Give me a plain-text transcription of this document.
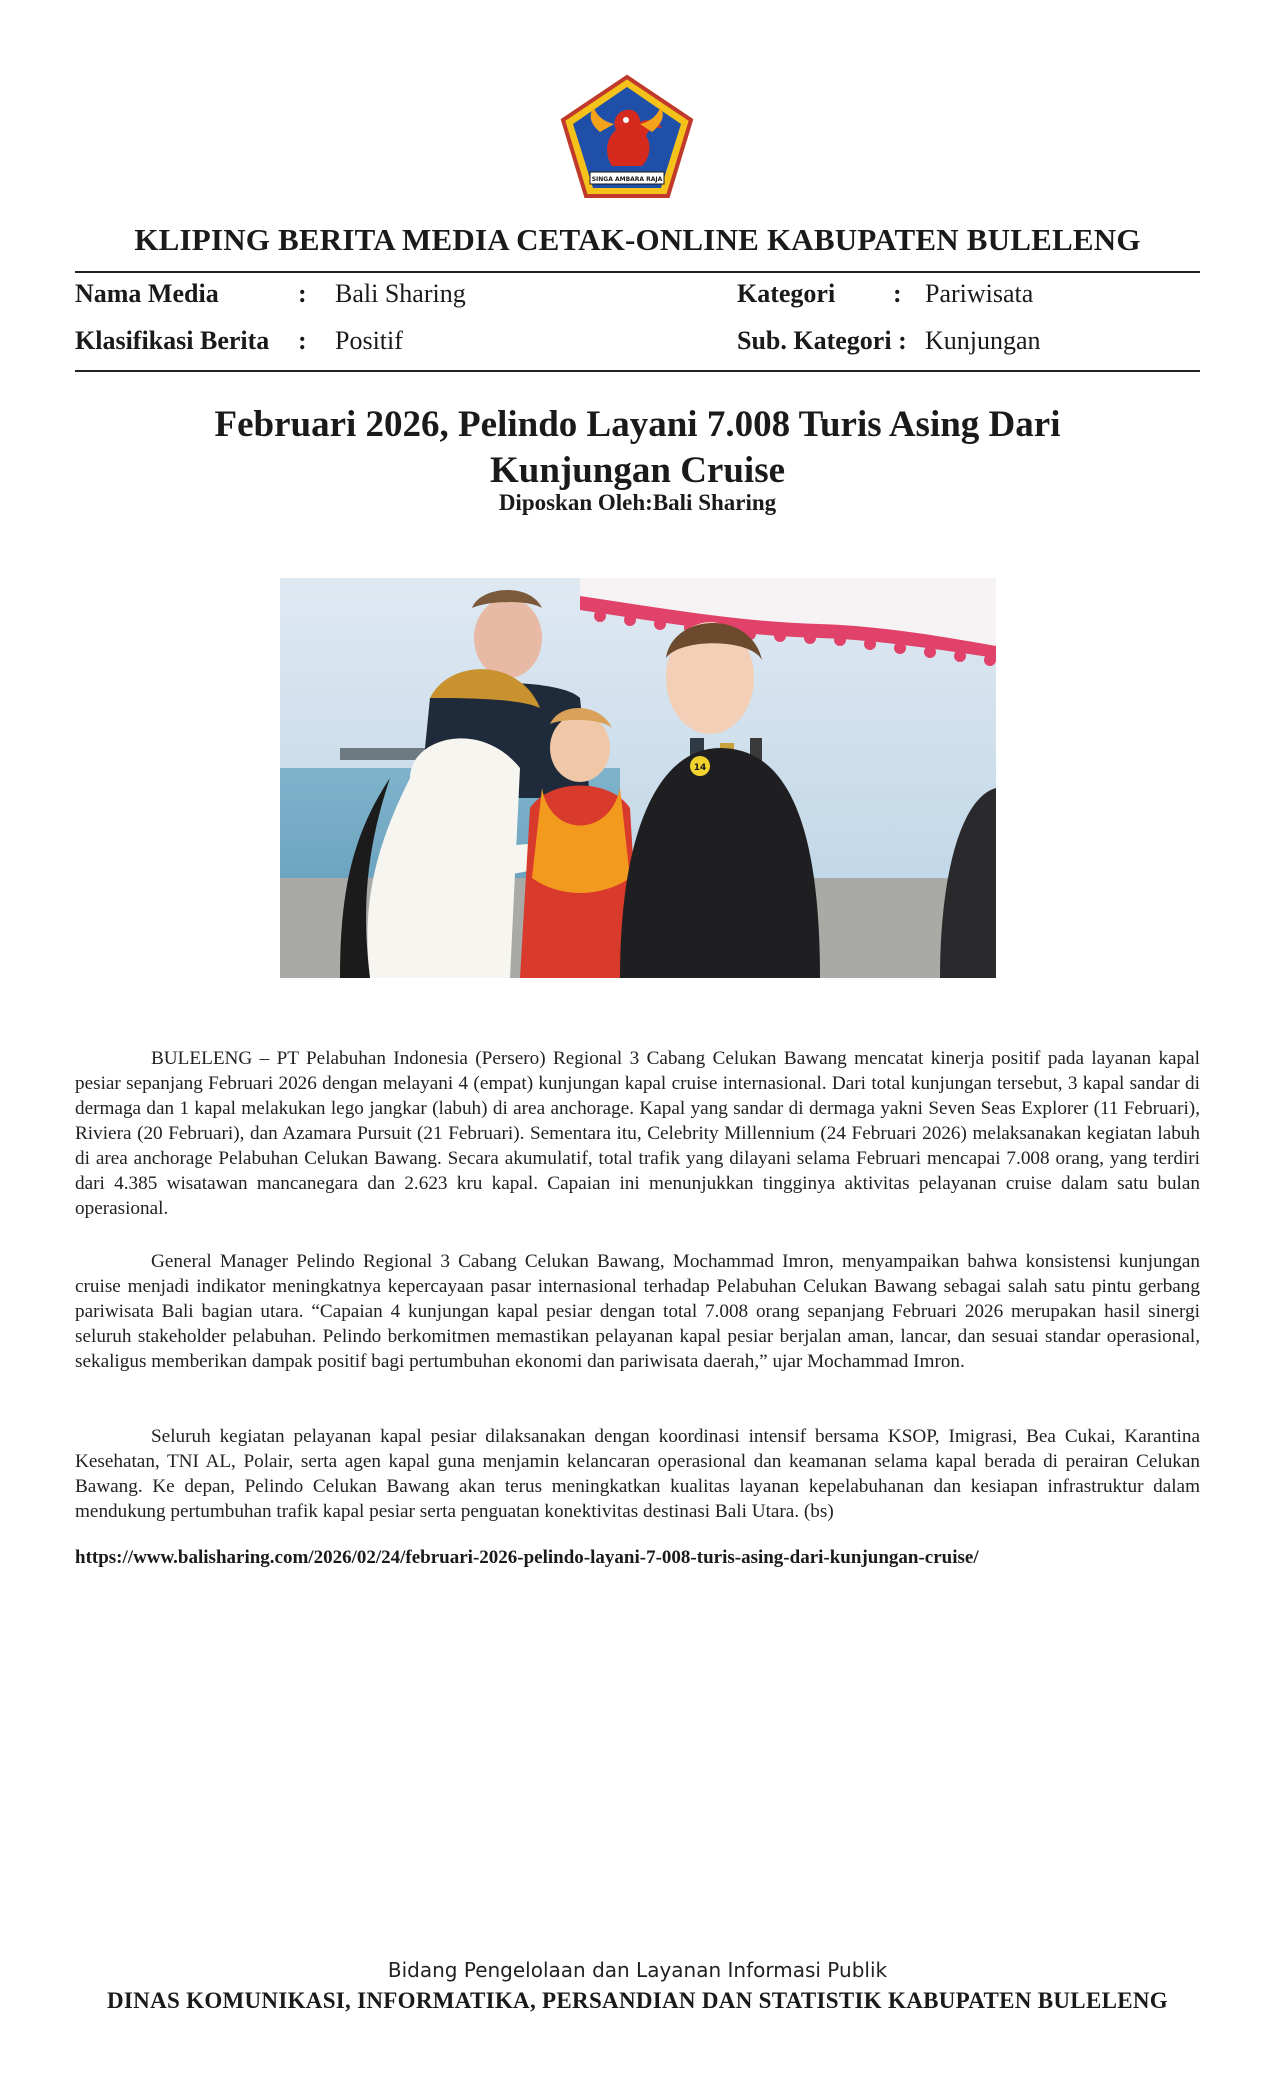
SINGA AMBARA RAJA
KLIPING BERITA MEDIA CETAK-ONLINE KABUPATEN BULELENG
Nama Media	: Bali Sharing	Kategori : Pariwisata
Klasifikasi Berita : Positif	Sub. Kategori : Kunjungan
Februari 2026, Pelindo Layani 7.008 Turis Asing Dari Kunjungan Cruise
Diposkan Oleh:Bali Sharing
14

BULELENG – PT Pelabuhan Indonesia (Persero) Regional 3 Cabang Celukan Bawang mencatat kinerja positif pada layanan kapal pesiar sepanjang Februari 2026 dengan melayani 4 (empat) kunjungan kapal cruise internasional. Dari total kunjungan tersebut, 3 kapal sandar di dermaga dan 1 kapal melakukan lego jangkar (labuh) di area anchorage. Kapal yang sandar di dermaga yakni Seven Seas Explorer (11 Februari), Riviera (20 Februari), dan Azamara Pursuit (21 Februari). Sementara itu, Celebrity Millennium (24 Februari 2026) melaksanakan kegiatan labuh di area anchorage Pelabuhan Celukan Bawang. Secara akumulatif, total trafik yang dilayani selama Februari mencapai 7.008 orang, yang terdiri dari 4.385 wisatawan mancanegara dan 2.623 kru kapal. Capaian ini menunjukkan tingginya aktivitas pelayanan cruise dalam satu bulan operasional.

General Manager Pelindo Regional 3 Cabang Celukan Bawang, Mochammad Imron, menyampaikan bahwa konsistensi kunjungan cruise menjadi indikator meningkatnya kepercayaan pasar internasional terhadap Pelabuhan Celukan Bawang sebagai salah satu pintu gerbang pariwisata Bali bagian utara. “Capaian 4 kunjungan kapal pesiar dengan total 7.008 orang sepanjang Februari 2026 merupakan hasil sinergi seluruh stakeholder pelabuhan. Pelindo berkomitmen memastikan pelayanan kapal pesiar berjalan aman, lancar, dan sesuai standar operasional, sekaligus memberikan dampak positif bagi pertumbuhan ekonomi dan pariwisata daerah,” ujar Mochammad Imron.

Seluruh kegiatan pelayanan kapal pesiar dilaksanakan dengan koordinasi intensif bersama KSOP, Imigrasi, Bea Cukai, Karantina Kesehatan, TNI AL, Polair, serta agen kapal guna menjamin kelancaran operasional dan keamanan selama kapal berada di perairan Celukan Bawang. Ke depan, Pelindo Celukan Bawang akan terus meningkatkan kualitas layanan kepelabuhanan dan kesiapan infrastruktur dalam mendukung pertumbuhan trafik kapal pesiar serta penguatan konektivitas destinasi Bali Utara. (bs)

https://www.balisharing.com/2026/02/24/februari-2026-pelindo-layani-7-008-turis-asing-dari-kunjungan-cruise/
Bidang Pengelolaan dan Layanan Informasi Publik
DINAS KOMUNIKASI, INFORMATIKA, PERSANDIAN DAN STATISTIK KABUPATEN BULELENG
